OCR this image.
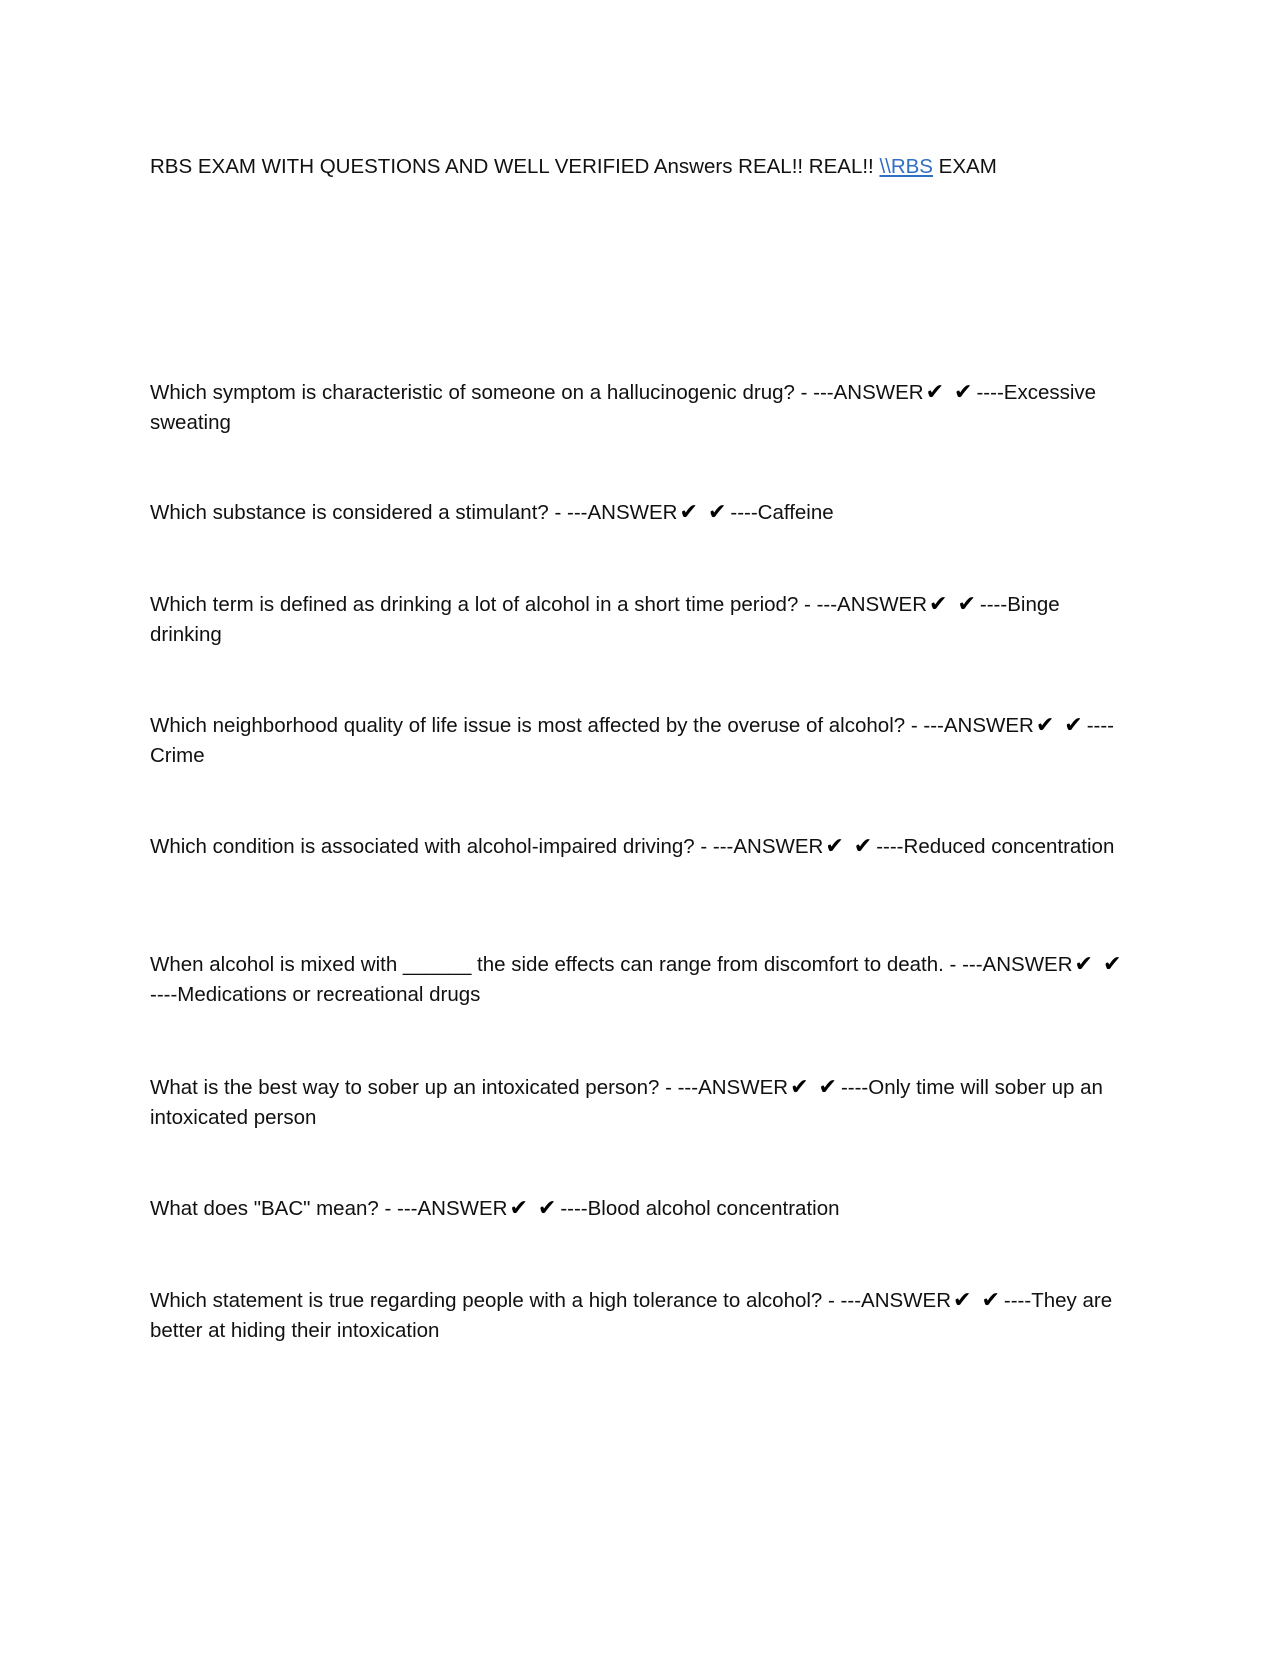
RBS EXAM WITH QUESTIONS AND WELL VERIFIED Answers REAL!! REAL!! \\RBS EXAM
Which symptom is characteristic of someone on a hallucinogenic drug? - ---ANSWER✔ ✔ ----Excessive sweating
Which substance is considered a stimulant? - ---ANSWER✔ ✔ ----Caffeine
Which term is defined as drinking a lot of alcohol in a short time period? - ---ANSWER✔ ✔ ----Binge drinking
Which neighborhood quality of life issue is most affected by the overuse of alcohol? - ---ANSWER✔ ✔ ----Crime
Which condition is associated with alcohol-impaired driving? - ---ANSWER✔ ✔ ----Reduced concentration
When alcohol is mixed with ______ the side effects can range from discomfort to death. - ---ANSWER✔ ✔----Medications or recreational drugs
What is the best way to sober up an intoxicated person? - ---ANSWER✔ ✔ ----Only time will sober up an intoxicated person
What does "BAC" mean? - ---ANSWER✔ ✔ ----Blood alcohol concentration
Which statement is true regarding people with a high tolerance to alcohol? - ---ANSWER✔ ✔ ----They are better at hiding their intoxication
